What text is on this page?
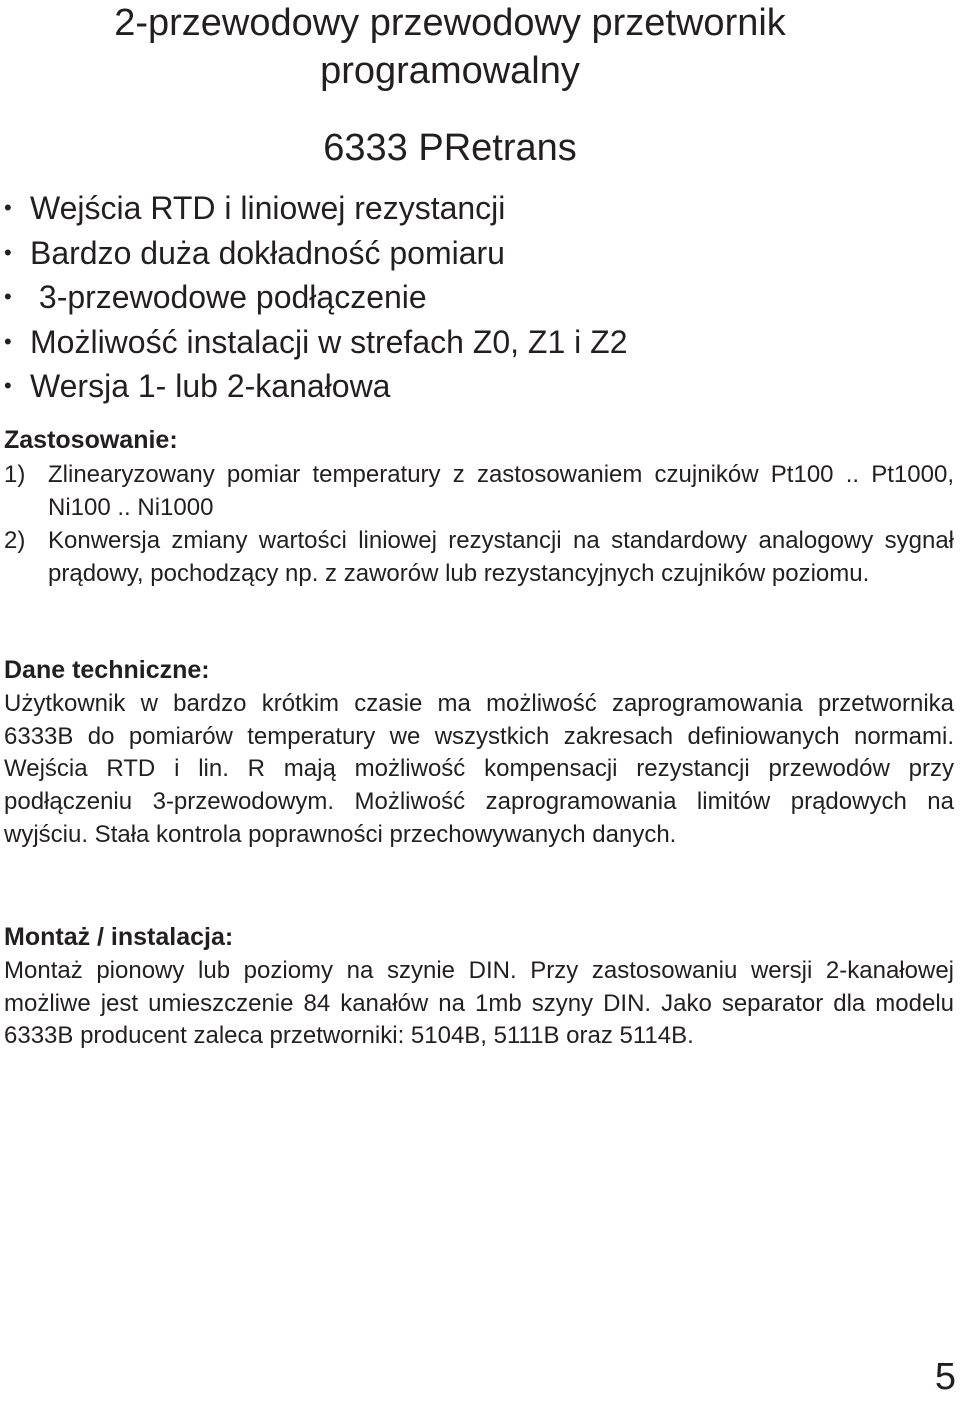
2-przewodowy przewodowy przetwornik
programowalny
6333 PRetrans
• Wejścia RTD i liniowej rezystancji
• Bardzo duża dokładność pomiaru
• 3-przewodowe podłączenie
• Możliwość instalacji w strefach Z0, Z1 i Z2
• Wersja 1- lub 2-kanałowa
Zastosowanie:
1) Zlinearyzowany pomiar temperatury z zastosowaniem czujników Pt100 .. Pt1000, Ni100 .. Ni1000
2) Konwersja zmiany wartości liniowej rezystancji na standardowy analogowy sygnał prądowy, pochodzący np. z zaworów lub rezystancyjnych czujników poziomu.
Dane techniczne:

Użytkownik w bardzo krótkim czasie ma możliwość zaprogramowania przetwornika 6333B do pomiarów temperatury we wszystkich zakresach definiowanych normami. Wejścia RTD i lin. R mają możliwość kompensacji rezystancji przewodów przy podłączeniu 3-przewodowym. Możliwość zaprogramowania limitów prądowych na wyjściu. Stała kontrola poprawności przechowywanych danych.

Montaż / instalacja:

Montaż pionowy lub poziomy na szynie DIN. Przy zastosowaniu wersji 2-kanałowej możliwe jest umieszczenie 84 kanałów na 1mb szyny DIN. Jako separator dla modelu 6333B producent zaleca przetworniki: 5104B, 5111B oraz 5114B.

5
